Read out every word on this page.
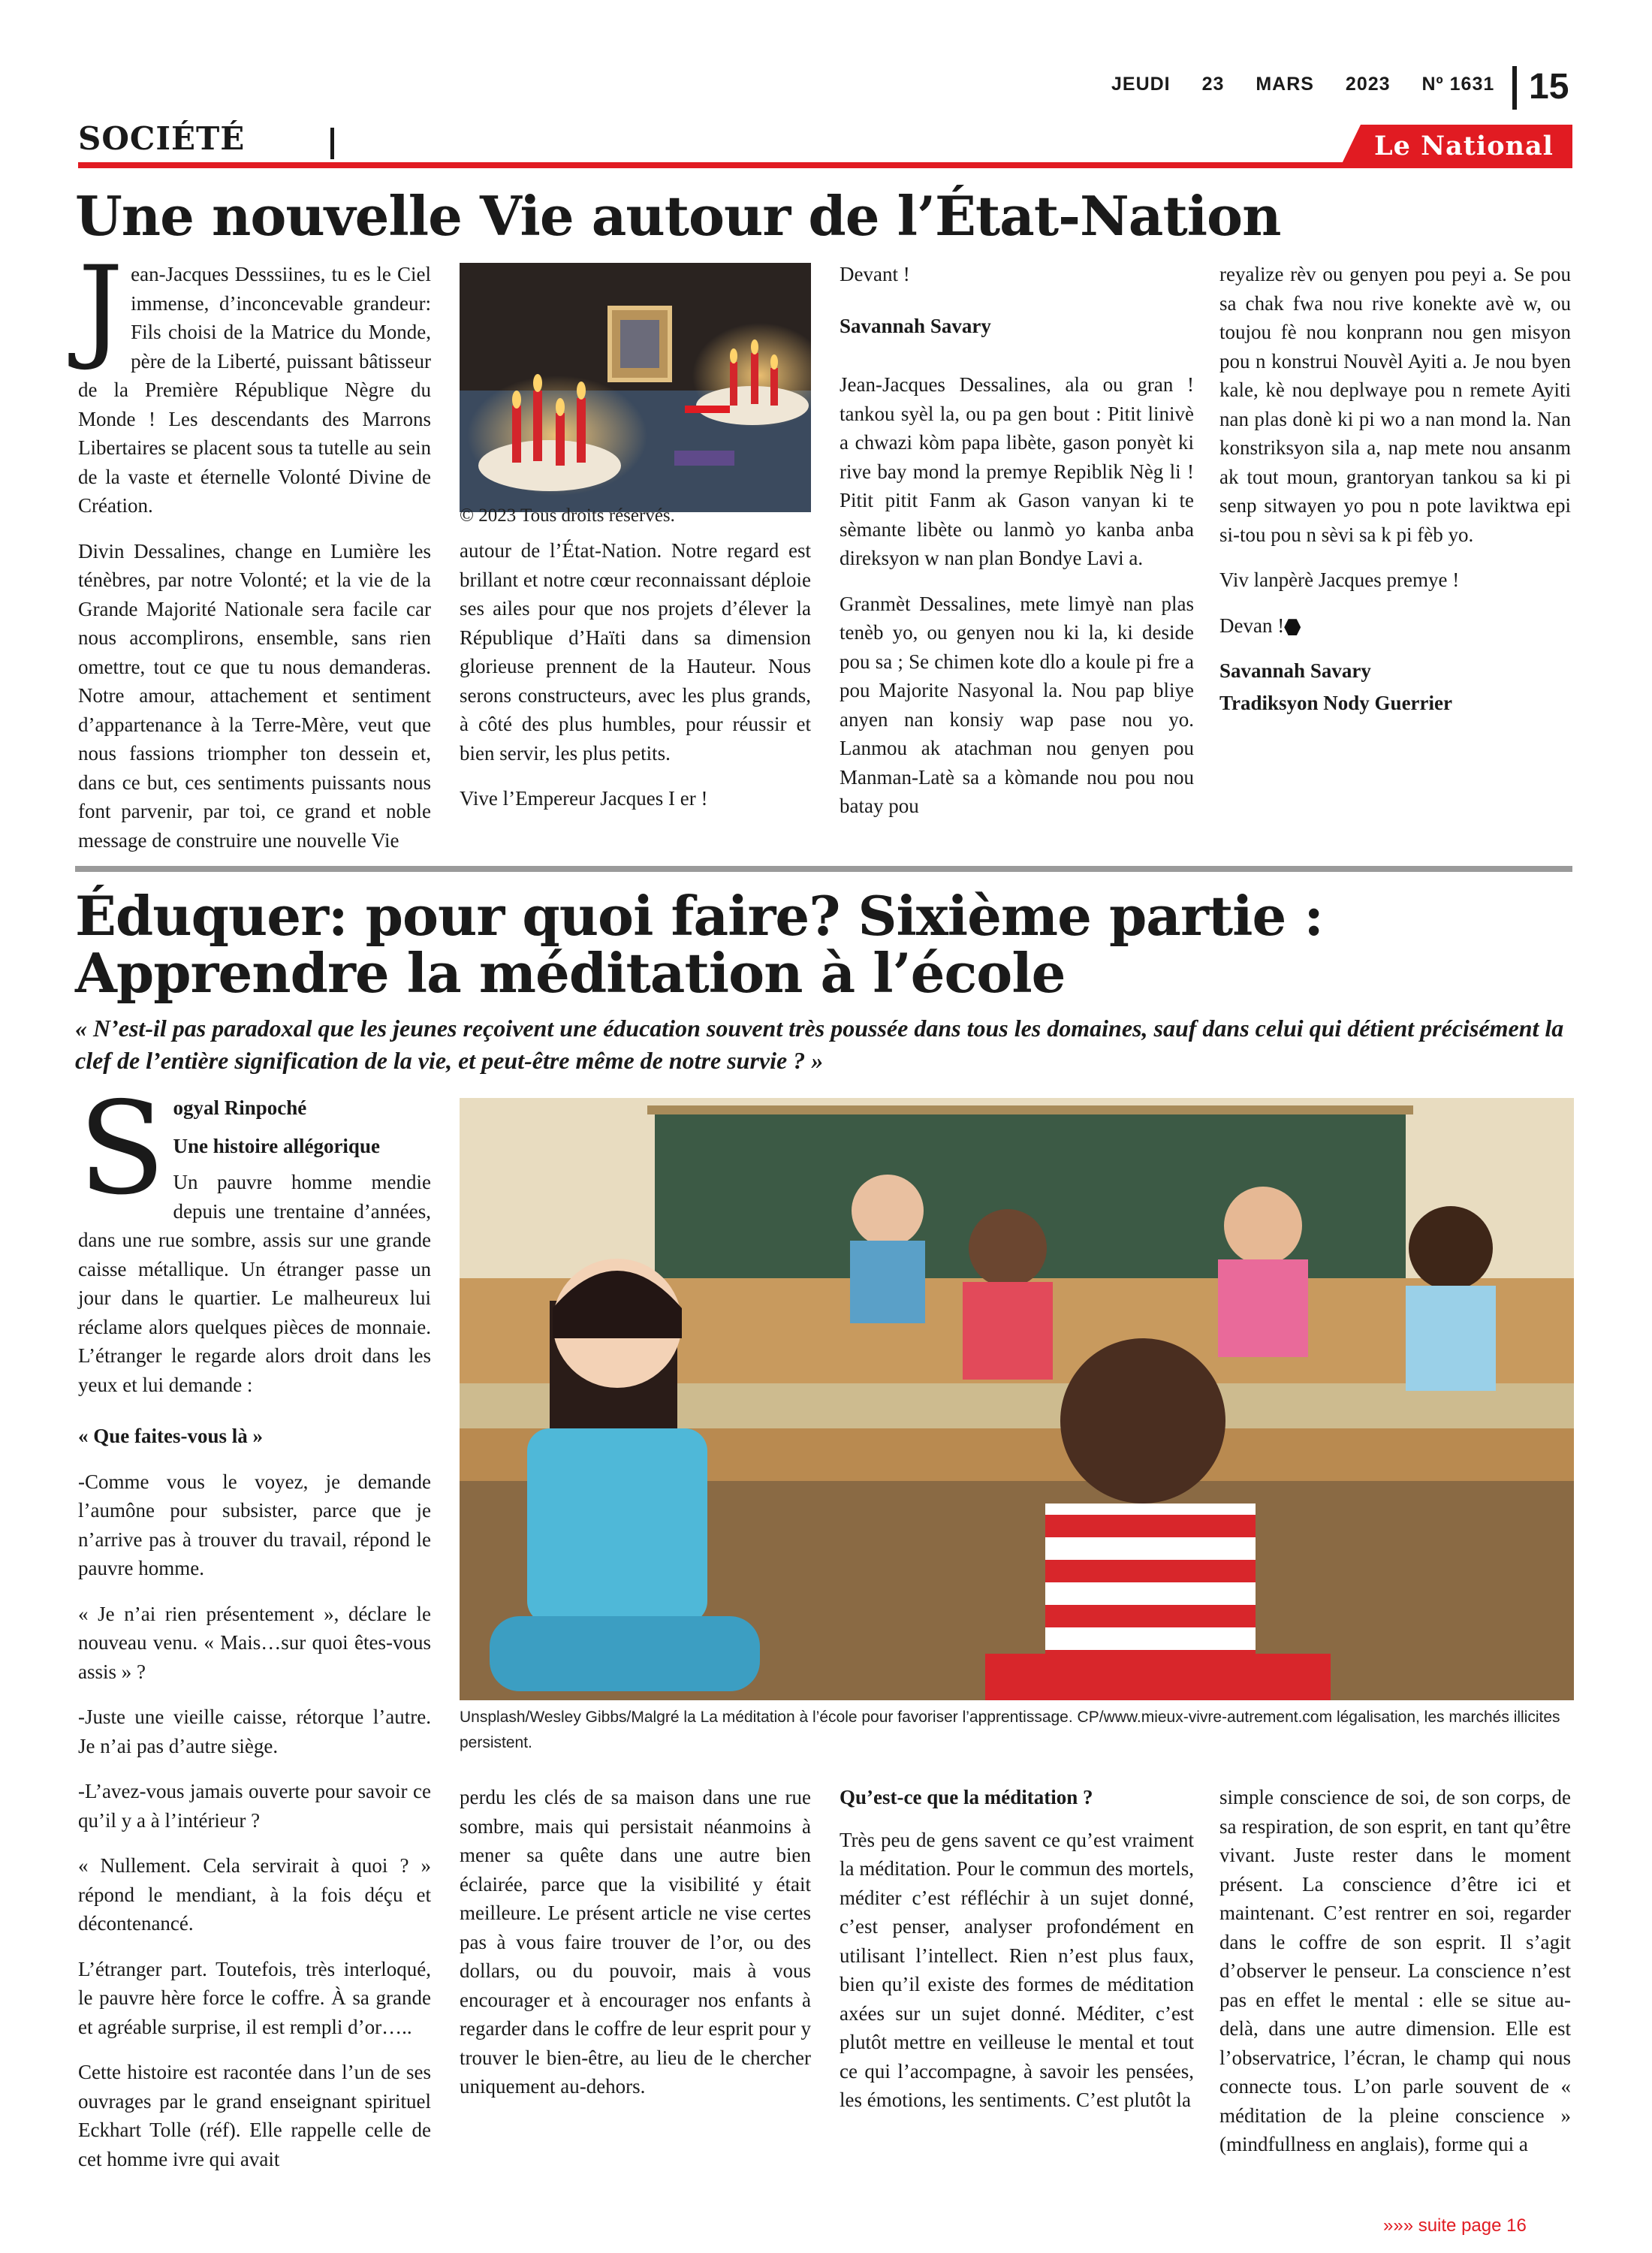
JEUDI 23 MARS 2023 Nº 1631 15
SOCIÉTÉ	Le National
Une nouvelle Vie autour de l’État-Nation

Jean-Jacques Desssiines, tu es le Ciel immense, d’inconcevable grandeur: Fils choisi de la Matrice du Monde, père de la Liberté, puissant bâtisseur de la Première République Nègre du Monde ! Les descendants des Marrons Libertaires se placent sous ta tutelle au sein de la vaste et éternelle Volonté Divine de Création.

Divin Dessalines, change en Lumière les ténèbres, par notre Volonté; et la vie de la Grande Majorité Nationale sera facile car nous accomplirons, ensemble, sans rien omettre, tout ce que tu nous demanderas. Notre amour, attachement et sentiment d’appartenance à la Terre-Mère, veut que nous fassions triompher ton dessein et, dans ce but, ces sentiments puissants nous font parvenir, par toi, ce grand et noble message de construire une nouvelle Vie

© 2023 Tous droits réservés.

autour de l’État-Nation. Notre regard est brillant et notre cœur reconnaissant déploie ses ailes pour que nos projets d’élever la République d’Haïti dans sa dimension glorieuse prennent de la Hauteur. Nous serons constructeurs, avec les plus grands, à côté des plus humbles, pour réussir et bien servir, les plus petits.

Vive l’Empereur Jacques I er !

Devant !

Savannah Savary

Jean-Jacques Dessalines, ala ou gran ! tankou syèl la, ou pa gen bout : Pitit linivè a chwazi kòm papa libète, gason ponyèt ki rive bay mond la premye Repiblik Nèg li ! Pitit pitit Fanm ak Gason vanyan ki te sèmante libète ou lanmò yo kanba anba direksyon w nan plan Bondye Lavi a.

Granmèt Dessalines, mete limyè nan plas tenèb yo, ou genyen nou ki la, ki deside pou sa ; Se chimen kote dlo a koule pi fre a pou Majorite Nasyonal la. Nou pap bliye anyen nan konsiy wap pase nou yo. Lanmou ak atachman nou genyen pou Manman-Latè sa a kòmande nou pou nou batay pou

reyalize rèv ou genyen pou peyi a. Se pou sa chak fwa nou rive konekte avè w, ou toujou fè nou konprann nou gen misyon pou n konstrui Nouvèl Ayiti a. Je nou byen kale, kè nou deplwaye pou n remete Ayiti nan plas donè ki pi wo a nan mond la. Nan konstriksyon sila a, nap mete nou ansanm ak tout moun, grantoryan tankou sa ki pi senp sitwayen yo pou n pote laviktwa epi si-tou pou n sèvi sa k pi fèb yo.

Viv lanpèrè Jacques premye !

Devan !

Savannah Savary

Tradiksyon Nody Guerrier

Éduquer: pour quoi faire? Sixième partie : Apprendre la méditation à l’école
« N’est-il pas paradoxal que les jeunes reçoivent une éducation souvent très poussée dans tous les domaines, sauf dans celui qui détient précisément la clef de l’entière signification de la vie, et peut-être même de notre survie ? »

Sogyal Rinpoché

Une histoire allégorique

Un pauvre homme mendie depuis une trentaine d’années, dans une rue sombre, assis sur une grande caisse métallique. Un étranger passe un jour dans le quartier. Le malheureux lui réclame alors quelques pièces de monnaie. L’étranger le regarde alors droit dans les yeux et lui demande :

« Que faites-vous là »

-Comme vous le voyez, je demande l’aumône pour subsister, parce que je n’arrive pas à trouver du travail, répond le pauvre homme.

« Je n’ai rien présentement », déclare le nouveau venu. « Mais…sur quoi êtes-vous assis » ?

-Juste une vieille caisse, rétorque l’autre. Je n’ai pas d’autre siège.

-L’avez-vous jamais ouverte pour savoir ce qu’il y a à l’intérieur ?

« Nullement. Cela servirait à quoi ? » répond le mendiant, à la fois déçu et décontenancé.

L’étranger part. Toutefois, très interloqué, le pauvre hère force le coffre. À sa grande et agréable surprise, il est rempli d’or…..

Cette histoire est racontée dans l’un de ses ouvrages par le grand enseignant spirituel Eckhart Tolle (réf). Elle rappelle celle de cet homme ivre qui avait

Unsplash/Wesley Gibbs/Malgré la La méditation à l’école pour favoriser l’apprentissage. CP/www.mieux-vivre-autrement.com légalisation, les marchés illicites persistent.

perdu les clés de sa maison dans une rue sombre, mais qui persistait néanmoins à mener sa quête dans une autre bien éclairée, parce que la visibilité y était meilleure. Le présent article ne vise certes pas à vous faire trouver de l’or, ou des dollars, ou du pouvoir, mais à vous encourager et à encourager nos enfants à regarder dans le coffre de leur esprit pour y trouver le bien-être, au lieu de le chercher uniquement au-dehors.

Qu’est-ce que la méditation ?

Très peu de gens savent ce qu’est vraiment la méditation. Pour le commun des mortels, méditer c’est réfléchir à un sujet donné, c’est penser, analyser profondément en utilisant l’intellect. Rien n’est plus faux, bien qu’il existe des formes de méditation axées sur un sujet donné. Méditer, c’est plutôt mettre en veilleuse le mental et tout ce qui l’accompagne, à savoir les pensées, les émotions, les sentiments. C’est plutôt la

simple conscience de soi, de son corps, de sa respiration, de son esprit, en tant qu’être vivant. Juste rester dans le moment présent. La conscience d’être ici et maintenant. C’est rentrer en soi, regarder dans le coffre de son esprit. Il s’agit d’observer le penseur. La conscience n’est pas en effet le mental : elle se situe au-delà, dans une autre dimension. Elle est l’observatrice, l’écran, le champ qui nous connecte tous. L’on parle souvent de « méditation de la pleine conscience » (mindfullness en anglais), forme qui a

»»» suite page 16
